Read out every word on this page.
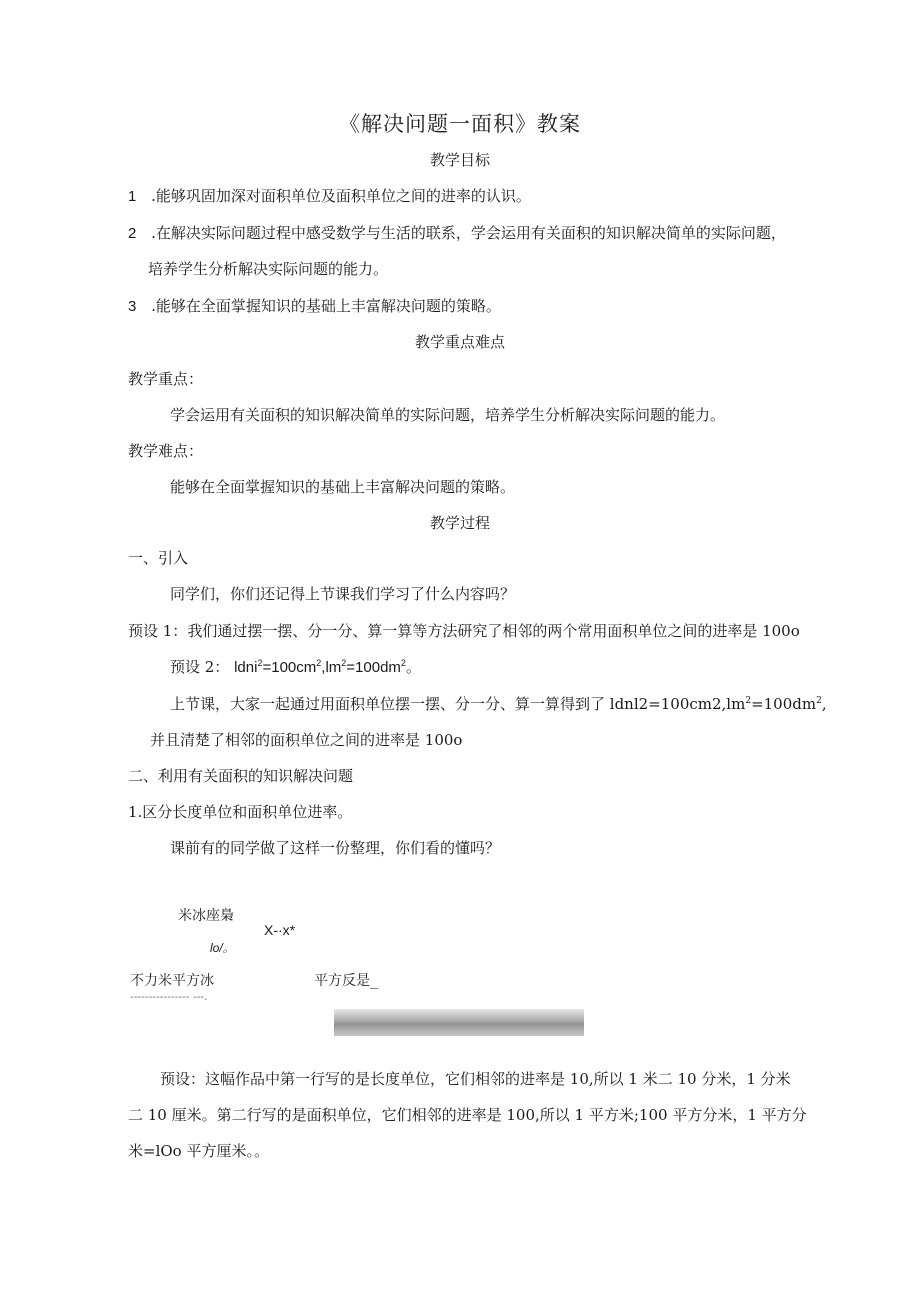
《解决问题一面积》教案
教学目标
1 .能够巩固加深对面积单位及面积单位之间的进率的认识。
2 .在解决实际问题过程中感受数学与生活的联系，学会运用有关面积的知识解决简单的实际问题，
培养学生分析解决实际问题的能力。
3 .能够在全面掌握知识的基础上丰富解决问题的策略。
教学重点难点
教学重点：
学会运用有关面积的知识解决简单的实际问题，培养学生分析解决实际问题的能力。
教学难点：
能够在全面掌握知识的基础上丰富解决问题的策略。
教学过程
一、引入
同学们，你们还记得上节课我们学习了什么内容吗？
预设 1：我们通过摆一摆、分一分、算一算等方法研究了相邻的两个常用面积单位之间的进率是 100o
预设 2： $ldni^2=100cm^2,lm^2=100dm^2$。
上节课，大家一起通过用面积单位摆一摆、分一分、算一算得到了 $ldnl2=100cm2,lm^2=100dm^2$,
并且清楚了相邻的面积单位之间的进率是 100o
二、利用有关面积的知识解决问题
1.区分长度单位和面积单位进率。
课前有的同学做了这样一份整理，你们看的懂吗？
米冰座梟
X-·x*
lo/。
不力米平方冰	平方反是_
---------------- ---.
预设：这幅作品中第一行写的是长度单位，它们相邻的进率是 10,所以 1 米二 10 分米，1 分米
二 10 厘米。第二行写的是面积单位，它们相邻的进率是 100,所以 1 平方米;100 平方分米，1 平方分
米=lOo 平方厘米。。
